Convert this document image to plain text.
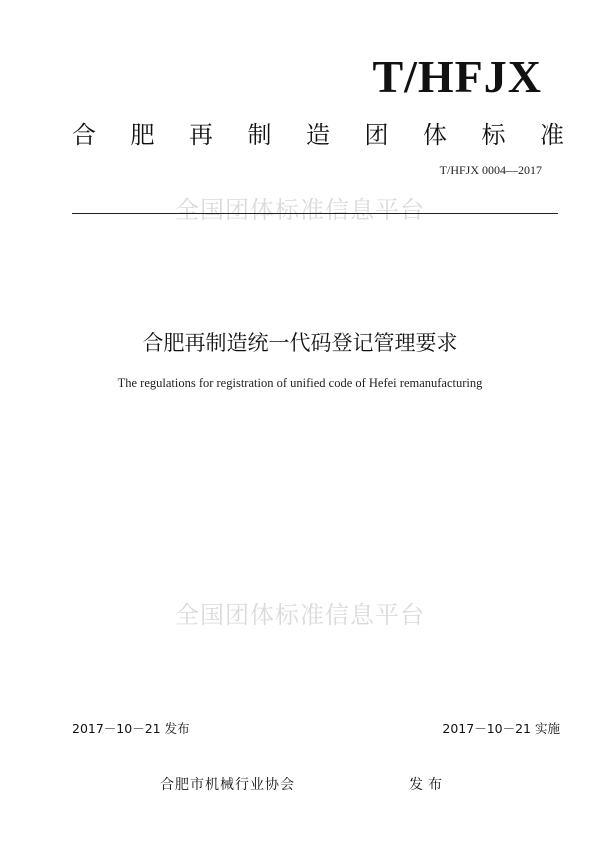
T/HFJX
合 肥 再 制 造 团 体 标 准
T/HFJX 0004—2017
全国团体标准信息平台
合肥再制造统一代码登记管理要求
The regulations for registration of unified code of Hefei remanufacturing
全国团体标准信息平台
2017－10－21 发布	2017－10－21 实施
合肥市机械行业协会	发布
